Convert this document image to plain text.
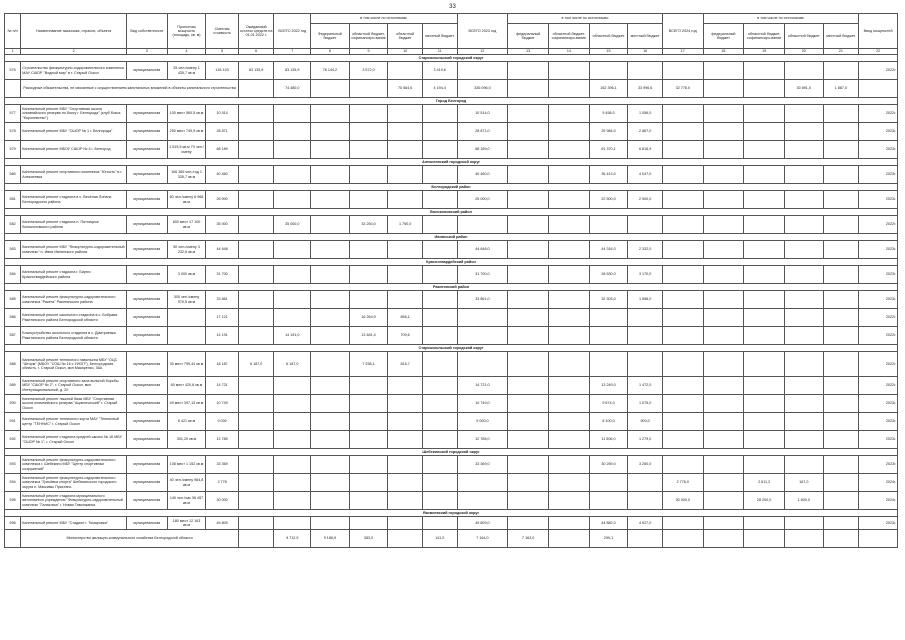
33
№ п/п	Наименование заказчика, отрасли, объекта	Вид собственности	Проектная мощность (площадь, кв. м)	Сметная стоимость	Ожидаемый остаток средств на 01.01.2022 г.	ВСЕГО 2022 год	в том числе по источникам:				ВСЕГО 2023 год	в том числе по источникам:				ВСЕГО 2024 год	в том числе по источникам:				Ввод мощностей
							Федеральный бюджет	областной бюджет, софинансиро-вание	областной бюджет	местный бюджет		федеральный бюджет	областной бюджет, софинансиро-вание	областной бюджет	местный бюджет		федеральный бюджет	областной бюджет, софинансиро-вание	областной бюджет	местный бюджет	
1	2	3	4	5	6	7	8	9	10	11	12	13	14	15	16	17	18	19	20	21	22
Старооскольский городской округ																					
576	Строительство физкультурно-оздоровительного комплекса МАУ СШОР "Водный мир" в г. Старый Оскол	муниципальная	25 чел./смену 1 435,7 кв.м	145 193	83 135,9	83 135,9	76 144,2	3 572,0		3 419,6											2022г.
	Расходные обязательства, не связанные с осуществлением капитальных вложений в объекты капитального строительства					74 480,0			70 564,6	4 194,4	336 096,0			162 396,1	33 996,6	32 778,0			30 891,0	1 887,0	
Город Белгород																					
577	Капитальный ремонт МБУ "Спортивная школа олимпийского резерва по боксу г. Белгорода" (клуб бокса "Королевство")	муниципальная	100 мест 560,5 кв.м	10 514							10 514,0			9 458,0	1 056,0						2022г.
578	Капитальный ремонт МБУ "СШОР № 1 г. Белгорода"	муниципальная	250 мест 749,9 кв.м	28 871							28 871,0			25 984,0	2 887,0						2023г.
579	Капитальный ремонт МБОУ СШОР № 4 г. Белгород	муниципальная	1 515,9 кв.м 70 чел./смену	68 189							68 189,0			61 370,1	6 818,9						2023г.
Алексеевский городской округ																					
580	Капитальный ремонт спортивного комплекса "Юность" в г. Алексеевка	муниципальная	106 365 чел./год 1 335,7 кв.м	40 460							40 460,0			36 413,0	4 047,0						2023г.
Белгородский район																					
581	Капитальный ремонт стадиона в с. Весёлая Лопань Белгородского района	муниципальная	60 чел./смену 6 968 кв.м	25 000							25 000,0			22 500,0	2 500,0						2023г.
Волоконовский район																					
582	Капитальный ремонт стадиона п. Пятницкое Волоконовского района	муниципальная	600 мест 17 100 кв.м	35 000		35 000,0		33 250,0	1 750,0												2022г.
Ивнянский район																					
583	Капитальный ремонт МБУ "Физкультурно-оздоровительный комплекс" п. Ивня Ивнянского района	муниципальная	50 чел./смену 3 232,6 кв.м	44 648							44 648,0			44 316,0	2 332,0						2023г.
Красногвардейский район																					
584	Капитальный ремонт стадиона г. Бирюч Красногвардейского района	муниципальная	3 000 кв.м	31 700							31 700,0			28 530,0	3 170,0						2023г.
Ракитянский район																					
585	Капитальный ремонт физкультурно-оздоровительного комплекса "Ракета" Ракитянского района	муниципальная	300 чел./смену 970,5 кв.м	33 861							33 861,0			32 303,0	1 558,0						2023г.
586	Капитальный ремонт школьного стадиона в с. Бобрава Ракитянского района Белгородской области	муниципальная		17 121				16 264,9	856,1												2022г.
587	Благоустройство школьного стадиона в с. Дмитриевка Ракитянского района Белгородской области	муниципальная		14 191		14 191,0		13 481,4	709,6												2022г.
Старооскольский городской округ																					
588	Капитальный ремонт теннисного павильона МБУ "ОЦС "Шторм" (МБОУ "СОШ № 16 с УИОП"), Белгородская область, г. Старый Оскол, мкн Макаренко, 36А	муниципальная	30 мест 799,44 кв.м	18 187	6 187,0	6 187,0		7 258,1	816,7												2022г.
589	Капитальный ремонт спортивного зала вольной борьбы МБУ "СШОР № 2", г. Старый Оскол, мкн Интернациональный, д. 20	муниципальная	60 мест 420,6 кв.м	14 721							14 721,0			13 249,0	1 472,0						2022г.
590	Капитальный ремонт лыжной базы МБУ "Спортивная школа олимпийского резерва "Ациклический" г. Старый Оскол	муниципальная	40 мест 397,13 кв.м	10 749							10 749,0			9 674,0	1 075,0						2023г.
591	Капитальный ремонт теннисного корта МАУ "Теннисный центр "ТЕННИС" г. Старый Оскол	муниципальная	6 421 кв.м	9 000							9 000,0			8 100,0	900,0						2023г.
592	Капитальный ремонт стадиона средней школы № 16 МБУ "СШОР № 1", г. Старый Оскол	муниципальная	301,20 кв.м	12 785							12 785,0			11 506,0	1 279,0						2023г.
Шебекинский городской округ																					
593	Капитальный ремонт физкультурно-оздоровительного комплекса г. Шебекино МБУ "Центр спортивных сооружений"	муниципальная	108 мест 1 152 кв.м	33 369							33 369,0			30 259,0	3 260,0						2023г.
594	Капитальный ремонт физкультурно-оздоровительного комплекса "Грачёвка спорта" Шебекинского городского округа п. Максимы Пристань	муниципальная	40 чел./смену 984,8 кв.м	2 778												2 778,0		2 611,3	167,0		2024г.
595	Капитальный ремонт стадиона муниципального автономного учреждения "Физкультурно-оздоровительный комплекс "Галактика" г. Новая Таволжанка	муниципальная	140 чел./час 36 457 кв.м	30 000												30 000,0		28 200,0	1 800,0		2024г.
Яковлевский городской округ																					
596	Капитальный ремонт МБУ "Стадион г. Томаровка"	муниципальная	180 мест 12 163 кв.м	49 809							49 809,0			44 882,0	4 927,0						2023г.
	Министерство жилищно-коммунального хозяйства Белгородской области					9 712,9	9 188,9	383,0		141,0	7 164,0	7 163,0		299,1							
